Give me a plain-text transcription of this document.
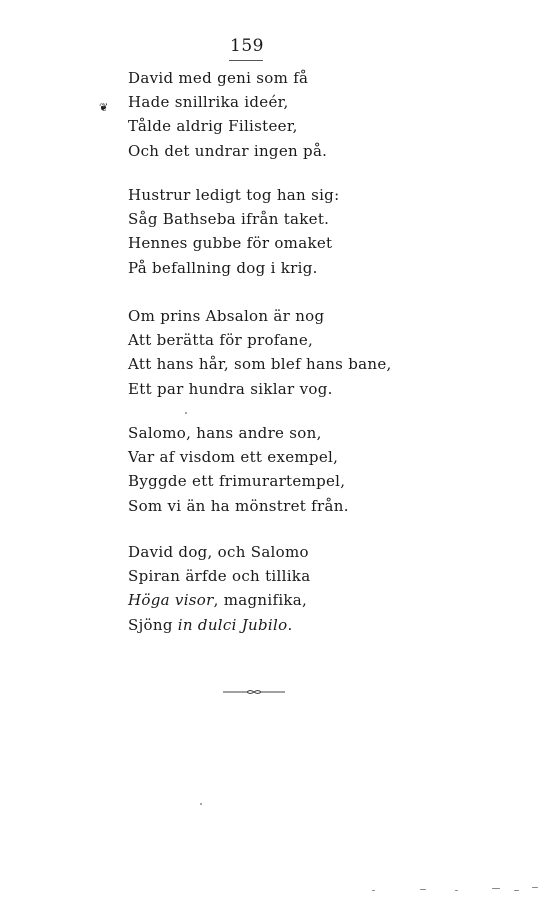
159
❦
David med geni som få
Hade snillrika ideér,
Tålde aldrig Filisteer,
Och det undrar ingen på.
Hustrur ledigt tog han sig:
Såg Bathseba ifrån taket.
Hennes gubbe för omaket
På befallning dog i krig.
Om prins Absalon är nog
Att berätta för profane,
Att hans hår, som blef hans bane,
Ett par hundra siklar vog.
Salomo, hans andre son,
Var af visdom ett exempel,
Byggde ett frimurartempel,
Som vi än ha mönstret från.
David dog, och Salomo
Spiran ärfde och tillika
Höga visor, magnifika,
Sjöng in dulci Jubilo.
